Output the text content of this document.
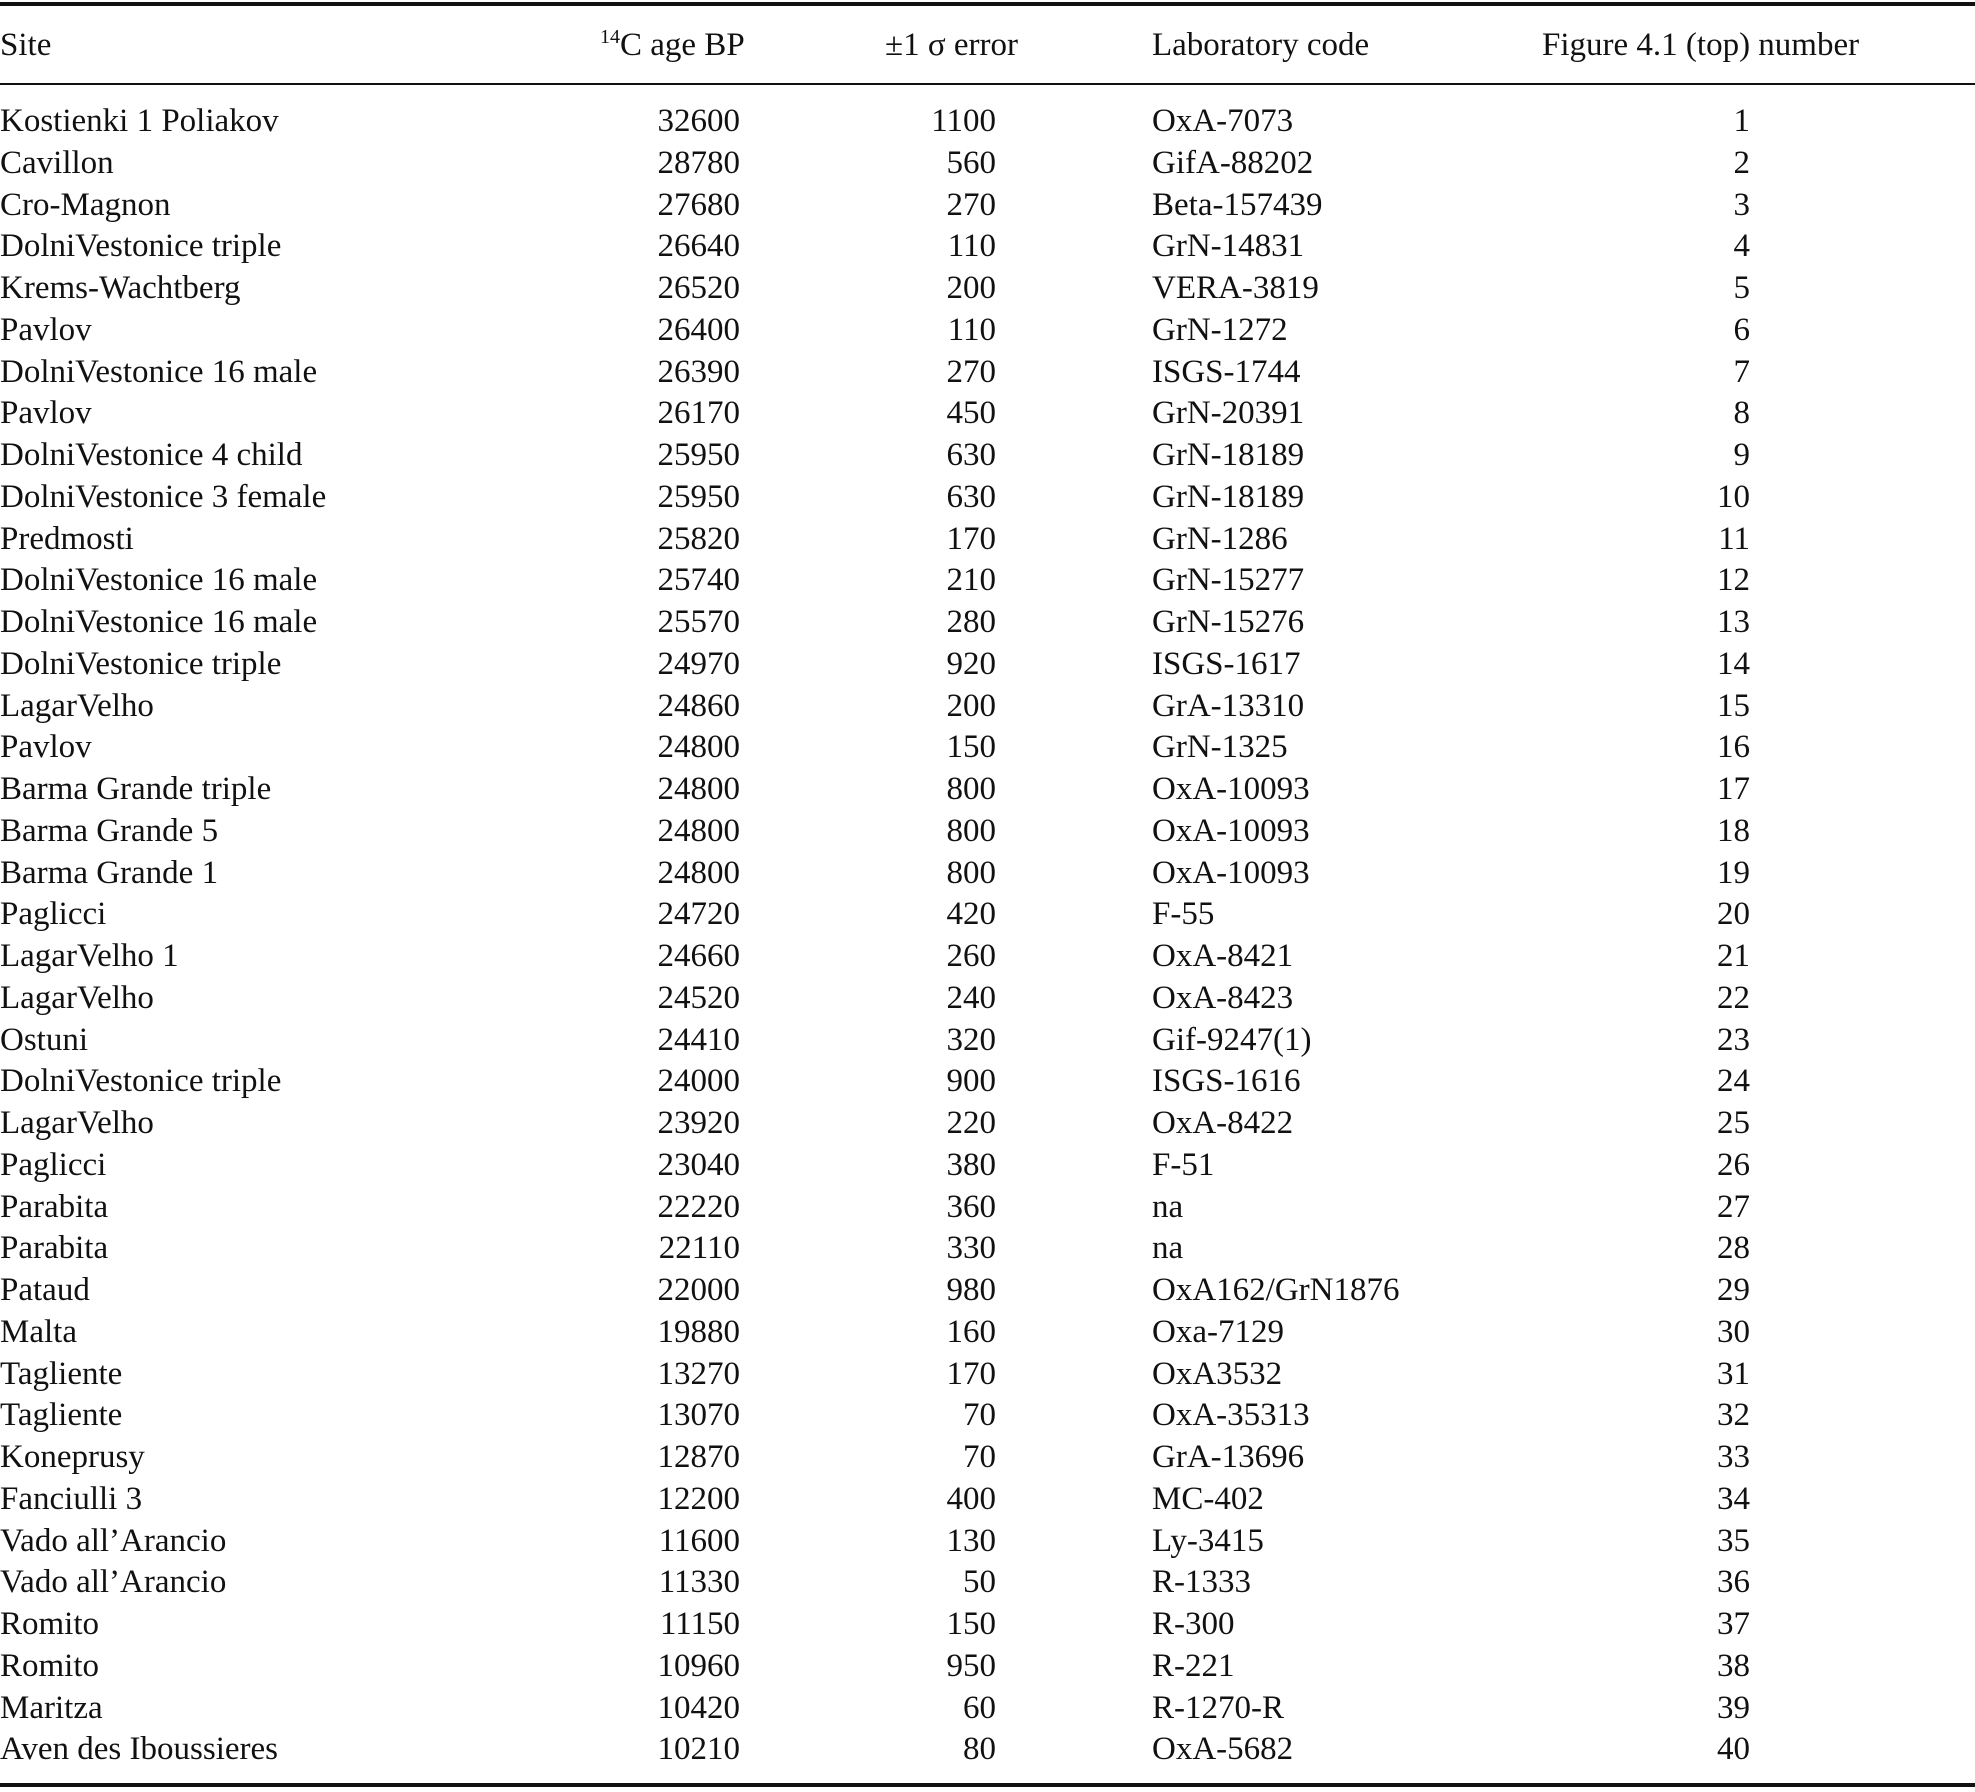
Site	$^{14}$C age BP	±1 σ error	Laboratory code	Figure 4.1 (top) number
Kostienki 1 Poliakov	32600	1100	OxA-7073	1
Cavillon	28780	560	GifA-88202	2
Cro-Magnon	27680	270	Beta-157439	3
DolniVestonice triple	26640	110	GrN-14831	4
Krems-Wachtberg	26520	200	VERA-3819	5
Pavlov	26400	110	GrN-1272	6
DolniVestonice 16 male	26390	270	ISGS-1744	7
Pavlov	26170	450	GrN-20391	8
DolniVestonice 4 child	25950	630	GrN-18189	9
DolniVestonice 3 female	25950	630	GrN-18189	10
Predmosti	25820	170	GrN-1286	11
DolniVestonice 16 male	25740	210	GrN-15277	12
DolniVestonice 16 male	25570	280	GrN-15276	13
DolniVestonice triple	24970	920	ISGS-1617	14
LagarVelho	24860	200	GrA-13310	15
Pavlov	24800	150	GrN-1325	16
Barma Grande triple	24800	800	OxA-10093	17
Barma Grande 5	24800	800	OxA-10093	18
Barma Grande 1	24800	800	OxA-10093	19
Paglicci	24720	420	F-55	20
LagarVelho 1	24660	260	OxA-8421	21
LagarVelho	24520	240	OxA-8423	22
Ostuni	24410	320	Gif-9247(1)	23
DolniVestonice triple	24000	900	ISGS-1616	24
LagarVelho	23920	220	OxA-8422	25
Paglicci	23040	380	F-51	26
Parabita	22220	360	na	27
Parabita	22110	330	na	28
Pataud	22000	980	OxA162/GrN1876	29
Malta	19880	160	Oxa-7129	30
Tagliente	13270	170	OxA3532	31
Tagliente	13070	70	OxA-35313	32
Koneprusy	12870	70	GrA-13696	33
Fanciulli 3	12200	400	MC-402	34
Vado all’Arancio	11600	130	Ly-3415	35
Vado all’Arancio	11330	50	R-1333	36
Romito	11150	150	R-300	37
Romito	10960	950	R-221	38
Maritza	10420	60	R-1270-R	39
Aven des Iboussieres	10210	80	OxA-5682	40
